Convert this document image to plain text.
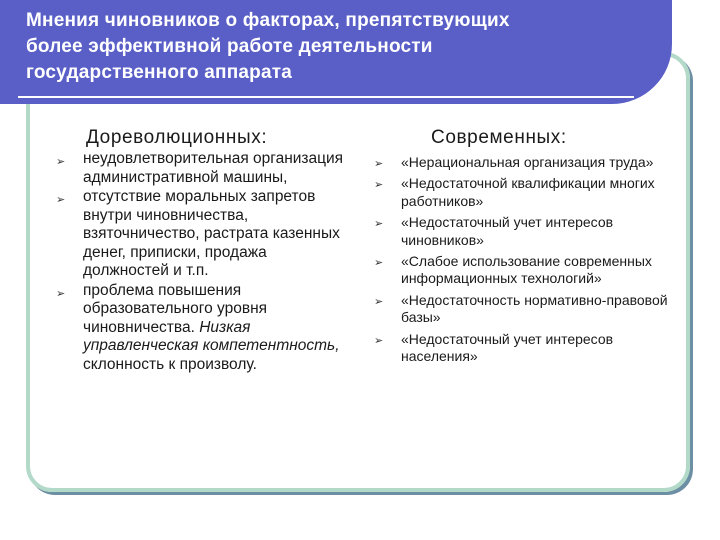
Мнения чиновников о факторах, препятствующих
более эффективной работе деятельности
государственного аппарата
Дореволюционных:	Современных:
➢ неудовлетворительная организация административной машины,
➢ отсутствие моральных запретов внутри чиновничества, взяточничество, растрата казенных денег, приписки, продажа должностей и т.п.
➢ проблема повышения образовательного уровня чиновничества. Низкая управленческая компетентность, склонность к произволу.
➢ «Нерациональная организация труда»
➢ «Недостаточной квалификации многих работников»
➢ «Недостаточный учет интересов чиновников»
➢ «Слабое использование современных информационных технологий»
➢ «Недостаточность нормативно-правовой базы»
➢ «Недостаточный учет интересов населения»
